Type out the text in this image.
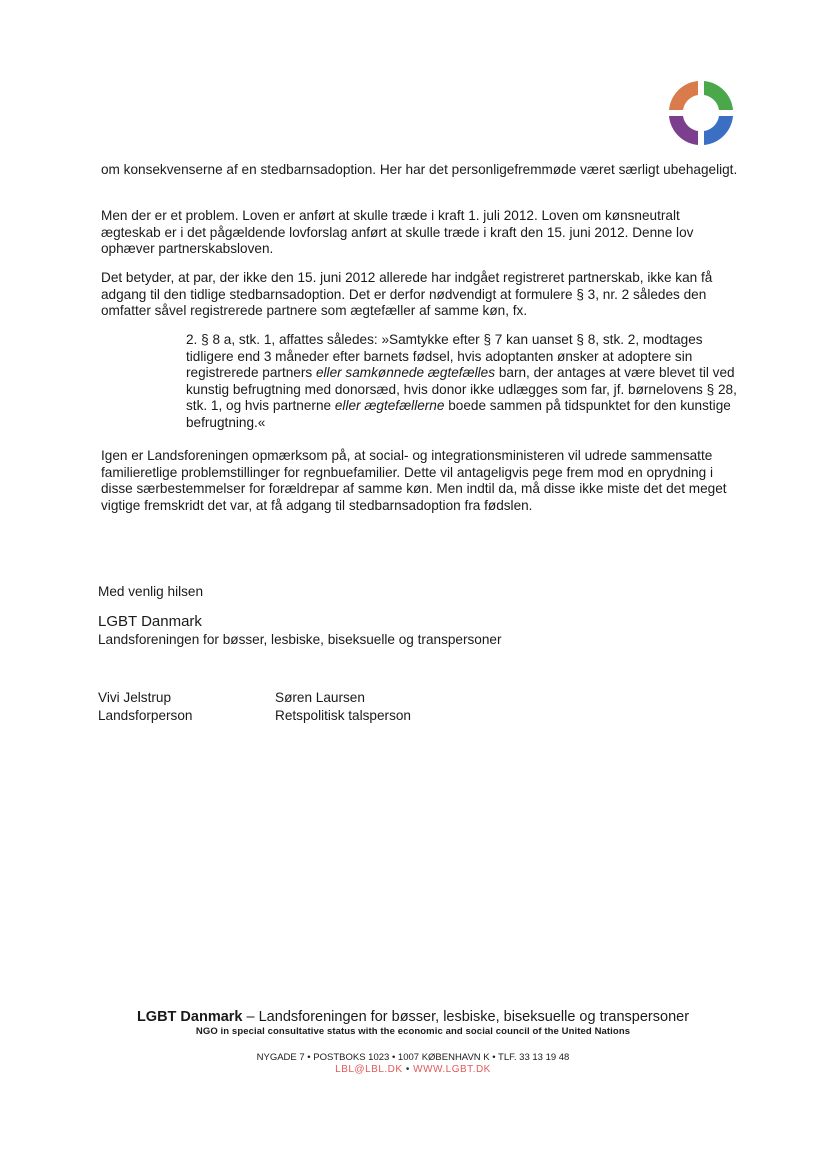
om konsekvenserne af en stedbarnsadoption. Her har det personligefremmøde været særligt ubehageligt.
Men der er et problem. Loven er anført at skulle træde i kraft 1. juli 2012. Loven om kønsneutralt ægteskab er i det pågældende lovforslag anført at skulle træde i kraft den 15. juni 2012. Denne lov ophæver partnerskabsloven.
Det betyder, at par, der ikke den 15. juni 2012 allerede har indgået registreret partnerskab, ikke kan få adgang til den tidlige stedbarnsadoption. Det er derfor nødvendigt at formulere § 3, nr. 2 således den omfatter såvel registrerede partnere som ægtefæller af samme køn, fx.
2. § 8 a, stk. 1, affattes således: »Samtykke efter § 7 kan uanset § 8, stk. 2, modtages tidligere end 3 måneder efter barnets fødsel, hvis adoptanten ønsker at adoptere sin registrerede partners eller samkønnede ægtefælles barn, der antages at være blevet til ved kunstig befrugtning med donorsæd, hvis donor ikke udlægges som far, jf. børnelovens § 28, stk. 1, og hvis partnerne eller ægtefællerne boede sammen på tidspunktet for den kunstige befrugtning.«
Igen er Landsforeningen opmærksom på, at social- og integrationsministeren vil udrede sammensatte familieretlige problemstillinger for regnbuefamilier. Dette vil antageligvis pege frem mod en oprydning i disse særbestemmelser for forældrepar af samme køn. Men indtil da, må disse ikke miste det det meget vigtige fremskridt det var, at få adgang til stedbarnsadoption fra fødslen.
Med venlig hilsen
LGBT Danmark
Landsforeningen for bøsser, lesbiske, biseksuelle og transpersoner
Vivi Jelstrup
Landsforperson
Søren Laursen
Retspolitisk talsperson
LGBT Danmark – Landsforeningen for bøsser, lesbiske, biseksuelle og transpersoner
NGO in special consultative status with the economic and social council of the United Nations
NYGADE 7 • POSTBOKS 1023 • 1007 KØBENHAVN K • TLF. 33 13 19 48
LBL@LBL.DK • WWW.LGBT.DK
